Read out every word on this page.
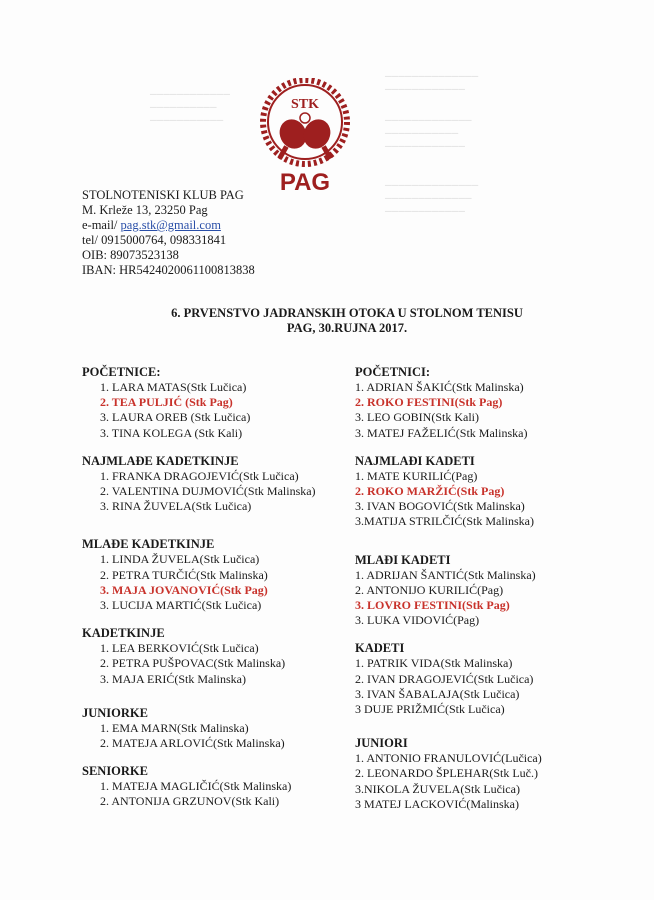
────────────
──────────
───────────
──────────────
────────────
─────────────
───────────
────────────
──────────────
─────────────
────────────
STK
PAG
STOLNOTENISKI KLUB PAG
M. Krleže 13, 23250 Pag
e-mail/ pag.stk@gmail.com
tel/ 0915000764, 098331841
OIB: 89073523138
IBAN: HR5424020061100813838
6. PRVENSTVO JADRANSKIH OTOKA U STOLNOM TENISU
PAG, 30.RUJNA 2017.
POČETNICE:
1. LARA MATAS(Stk Lučica)
2. TEA PULJIĆ (Stk Pag)
3. LAURA OREB (Stk Lučica)
3. TINA KOLEGA (Stk Kali)
NAJMLAĐE KADETKINJE
1. FRANKA DRAGOJEVIĆ(Stk Lučica)
2. VALENTINA DUJMOVIĆ(Stk Malinska)
3. RINA ŽUVELA(Stk Lučica)
MLAĐE KADETKINJE
1. LINDA ŽUVELA(Stk Lučica)
2. PETRA TURČIĆ(Stk Malinska)
3. MAJA JOVANOVIĆ(Stk Pag)
3. LUCIJA MARTIĆ(Stk Lučica)
KADETKINJE
1. LEA BERKOVIĆ(Stk Lučica)
2. PETRA PUŠPOVAC(Stk Malinska)
3. MAJA ERIĆ(Stk Malinska)
JUNIORKE
1. EMA MARN(Stk Malinska)
2. MATEJA ARLOVIĆ(Stk Malinska)
SENIORKE
1. MATEJA MAGLIČIĆ(Stk Malinska)
2. ANTONIJA GRZUNOV(Stk Kali)
POČETNICI:
1. ADRIAN ŠAKIĆ(Stk Malinska)
2. ROKO FESTINI(Stk Pag)
3. LEO GOBIN(Stk Kali)
3. MATEJ FAŽELIĆ(Stk Malinska)
NAJMLAĐI KADETI
1. MATE KURILIĆ(Pag)
2. ROKO MARŽIĆ(Stk Pag)
3. IVAN BOGOVIĆ(Stk Malinska)
3.MATIJA STRILČIĆ(Stk Malinska)
MLAĐI KADETI
1. ADRIJAN ŠANTIĆ(Stk Malinska)
2. ANTONIJO KURILIĆ(Pag)
3. LOVRO FESTINI(Stk Pag)
3. LUKA VIDOVIĆ(Pag)
KADETI
1. PATRIK VIDA(Stk Malinska)
2. IVAN DRAGOJEVIĆ(Stk Lučica)
3. IVAN ŠABALAJA(Stk Lučica)
3 DUJE PRIŽMIĆ(Stk Lučica)
JUNIORI
1. ANTONIO FRANULOVIĆ(Lučica)
2. LEONARDO ŠPLEHAR(Stk Luč.)
3.NIKOLA ŽUVELA(Stk Lučica)
3 MATEJ LACKOVIĆ(Malinska)
